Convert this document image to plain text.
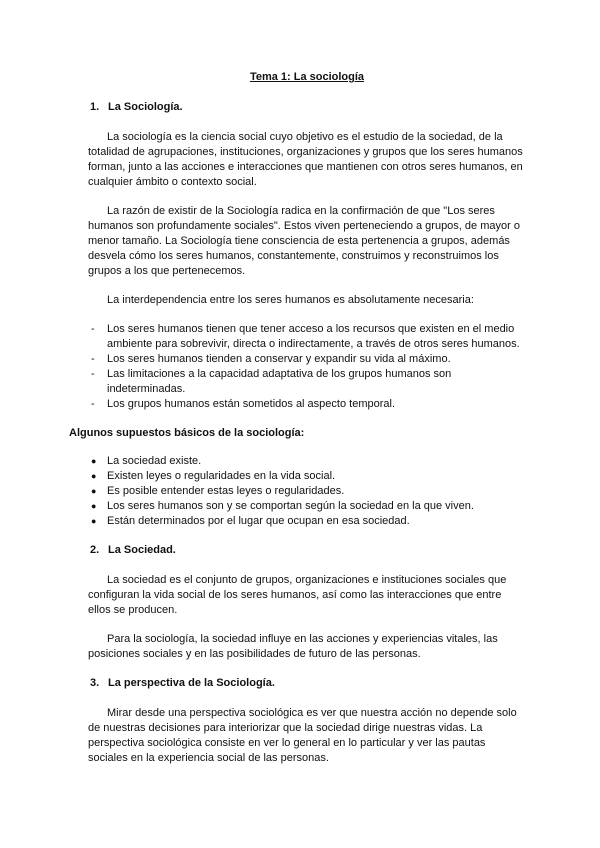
Tema 1: La sociología
1. La Sociología.
La sociología es la ciencia social cuyo objetivo es el estudio de la sociedad, de la totalidad de agrupaciones, instituciones, organizaciones y grupos que los seres humanos forman, junto a las acciones e interacciones que mantienen con otros seres humanos, en cualquier ámbito o contexto social.
La razón de existir de la Sociología radica en la confirmación de que "Los seres humanos son profundamente sociales". Estos viven perteneciendo a grupos, de mayor o menor tamaño. La Sociología tiene consciencia de esta pertenencia a grupos, además desvela cómo los seres humanos, constantemente, construimos y reconstruimos los grupos a los que pertenecemos.
La interdependencia entre los seres humanos es absolutamente necesaria:
- Los seres humanos tienen que tener acceso a los recursos que existen en el medio ambiente para sobrevivir, directa o indirectamente, a través de otros seres humanos.
- Los seres humanos tienden a conservar y expandir su vida al máximo.
- Las limitaciones a la capacidad adaptativa de los grupos humanos son indeterminadas.
- Los grupos humanos están sometidos al aspecto temporal.
Algunos supuestos básicos de la sociología:
● La sociedad existe.
● Existen leyes o regularidades en la vida social.
● Es posible entender estas leyes o regularidades.
● Los seres humanos son y se comportan según la sociedad en la que viven.
● Están determinados por el lugar que ocupan en esa sociedad.
2. La Sociedad.
La sociedad es el conjunto de grupos, organizaciones e instituciones sociales que configuran la vida social de los seres humanos, así como las interacciones que entre ellos se producen.
Para la sociología, la sociedad influye en las acciones y experiencias vitales, las posiciones sociales y en las posibilidades de futuro de las personas.
3. La perspectiva de la Sociología.
Mirar desde una perspectiva sociológica es ver que nuestra acción no depende solo de nuestras decisiones para interiorizar que la sociedad dirige nuestras vidas. La perspectiva sociológica consiste en ver lo general en lo particular y ver las pautas sociales en la experiencia social de las personas.
